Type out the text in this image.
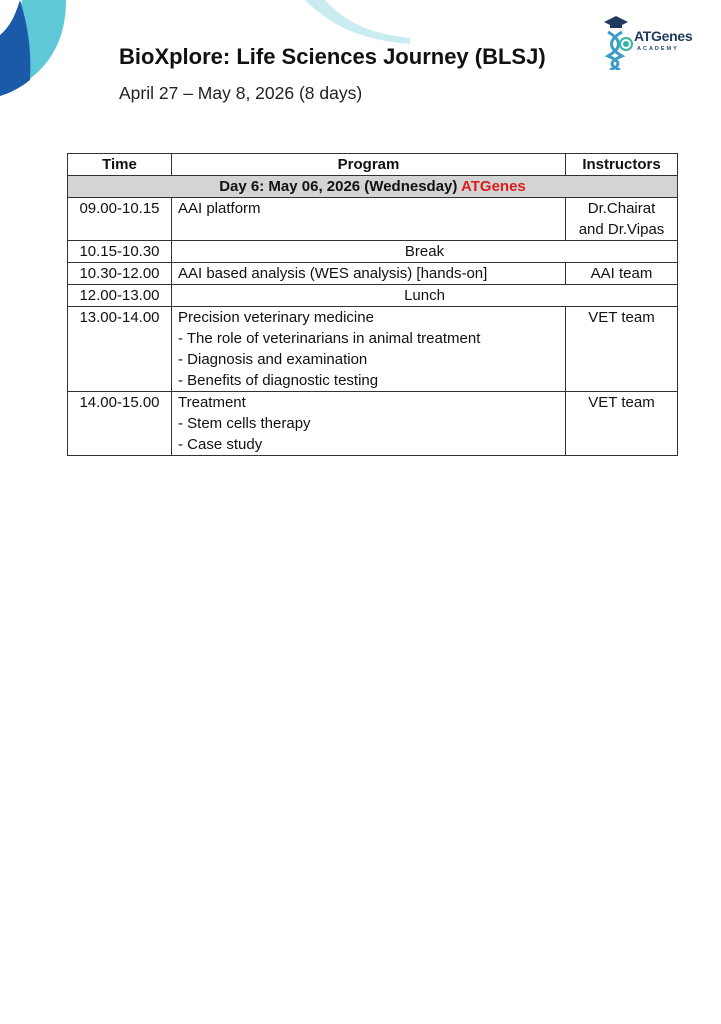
BioXplore: Life Sciences Journey (BLSJ)
April 27 – May 8, 2026 (8 days)
ATGenes
ACADEMY
Time	Program	Instructors
Day 6: May 06, 2026 (Wednesday) ATGenes		
09.00-10.15	AAI platform	Dr.Chairat
and Dr.Vipas

10.15-10.30	Break	
10.30-12.00	AAI based analysis (WES analysis) [hands-on]	AAI team
12.00-13.00	Lunch	
13.00-14.00	Precision veterinary medicine
- The role of veterinarians in animal treatment
- Diagnosis and examination
- Benefits of diagnostic testing	VET team
14.00-15.00	Treatment
- Stem cells therapy
- Case study	VET team
